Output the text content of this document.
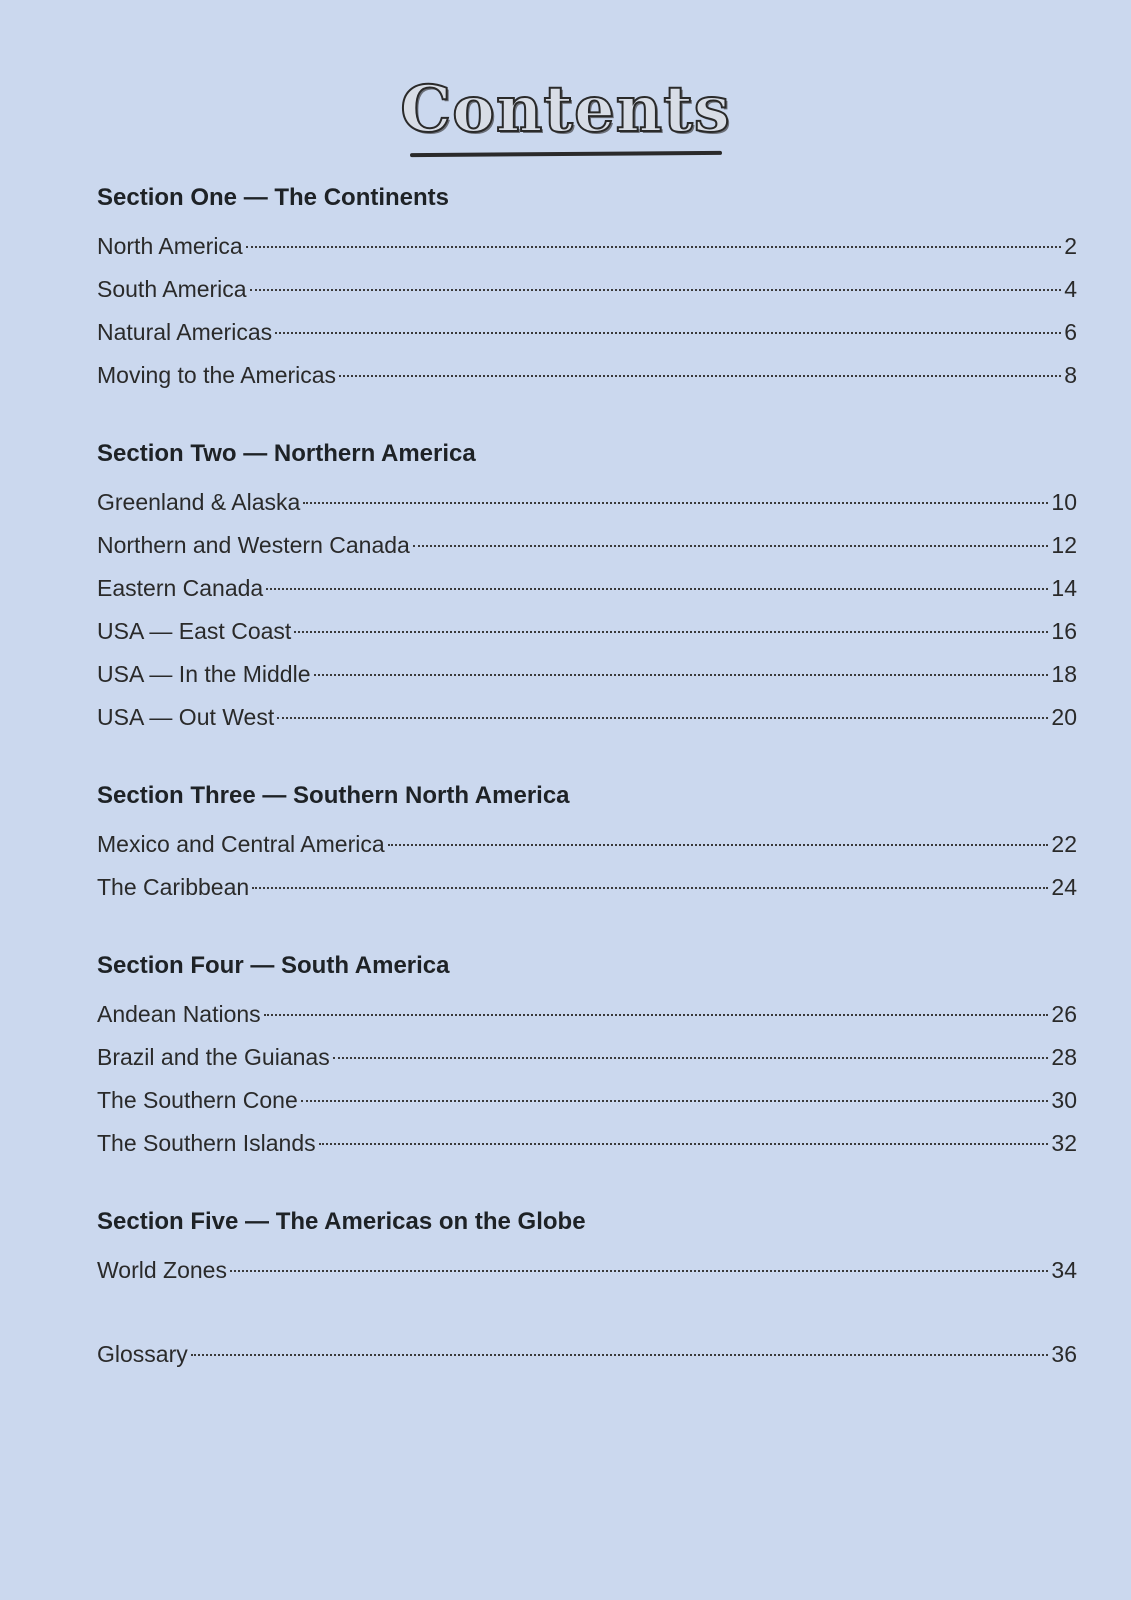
Contents
Section One — The Continents
North America	2
South America	4
Natural Americas	6
Moving to the Americas	8
Section Two — Northern America
Greenland & Alaska	10
Northern and Western Canada	12
Eastern Canada	14
USA — East Coast	16
USA — In the Middle	18
USA — Out West	20
Section Three — Southern North America
Mexico and Central America	22
The Caribbean	24
Section Four — South America
Andean Nations	26
Brazil and the Guianas	28
The Southern Cone	30
The Southern Islands	32
Section Five — The Americas on the Globe
World Zones	34
Glossary	36
